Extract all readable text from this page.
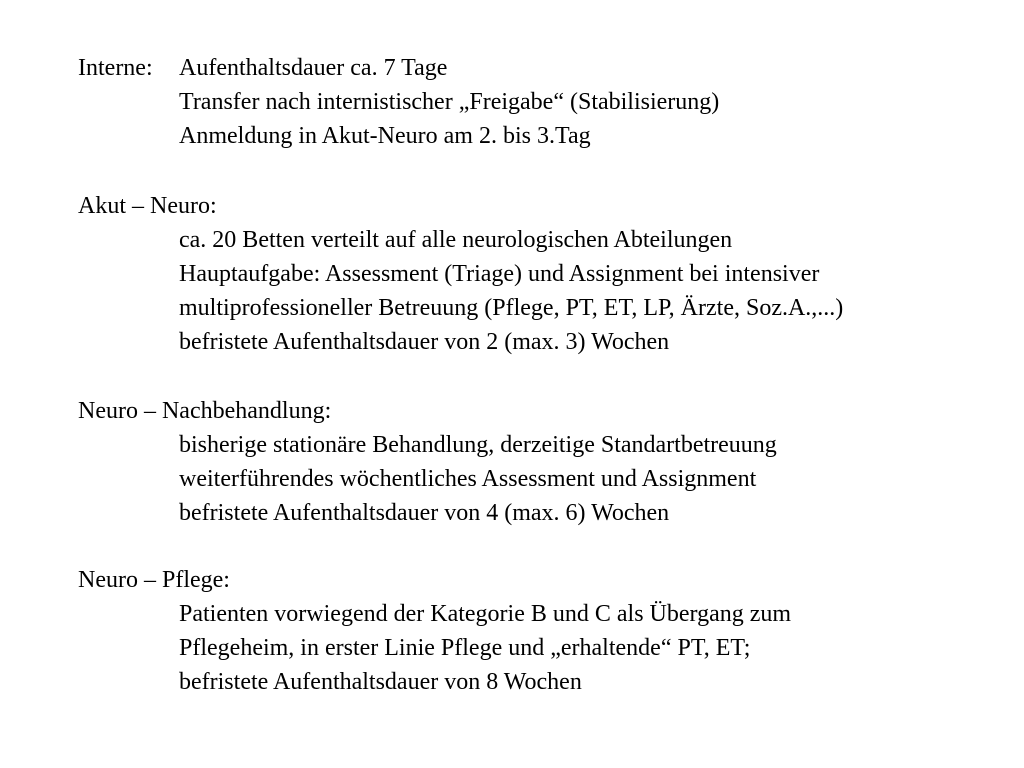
Interne: Aufenthaltsdauer ca. 7 Tage
Transfer nach internistischer „Freigabe“ (Stabilisierung)
Anmeldung in Akut-Neuro am 2. bis 3.Tag
Akut – Neuro:
ca. 20 Betten verteilt auf alle neurologischen Abteilungen
Hauptaufgabe: Assessment (Triage) und Assignment bei intensiver
multiprofessioneller Betreuung (Pflege, PT, ET, LP, Ärzte, Soz.A.,...)
befristete Aufenthaltsdauer von 2 (max. 3) Wochen
Neuro – Nachbehandlung:
bisherige stationäre Behandlung, derzeitige Standartbetreuung
weiterführendes wöchentliches Assessment und Assignment
befristete Aufenthaltsdauer von 4 (max. 6) Wochen
Neuro – Pflege:
Patienten vorwiegend der Kategorie B und C als Übergang zum
Pflegeheim, in erster Linie Pflege und „erhaltende“ PT, ET;
befristete Aufenthaltsdauer von 8 Wochen
